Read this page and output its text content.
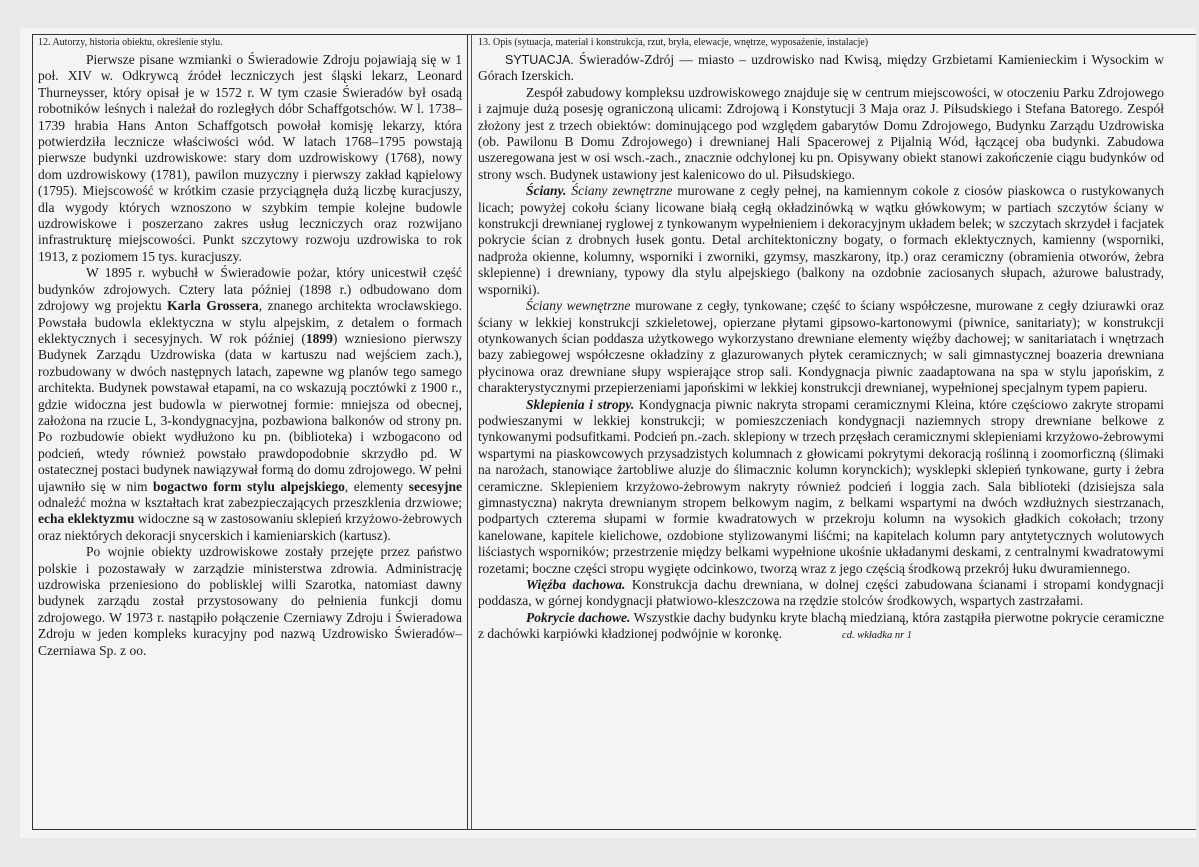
12. Autorzy, historia obiektu, określenie stylu.

Pierwsze pisane wzmianki o Świeradowie Zdroju pojawiają się w 1 poł. XIV w. Odkrywcą źródeł leczniczych jest śląski lekarz, Leonard Thurneysser, który opisał je w 1572 r. W tym czasie Świeradów był osadą robotników leśnych i należał do rozległych dóbr Schaffgotschów. W l. 1738–1739 hrabia Hans Anton Schaffgotsch powołał komisję lekarzy, która potwierdziła lecznicze właściwości wód. W latach 1768–1795 powstają pierwsze budynki uzdrowiskowe: stary dom uzdrowiskowy (1768), nowy dom uzdrowiskowy (1781), pawilon muzyczny i pierwszy zakład kąpielowy (1795). Miejscowość w krótkim czasie przyciągnęła dużą liczbę kuracjuszy, dla wygody których wznoszono w szybkim tempie kolejne budowle uzdrowiskowe i poszerzano zakres usług leczniczych oraz rozwijano infrastrukturę miejscowości. Punkt szczytowy rozwoju uzdrowiska to rok 1913, z poziomem 15 tys. kuracjuszy.

W 1895 r. wybuchł w Świeradowie pożar, który unicestwił część budynków zdrojowych. Cztery lata później (1898 r.) odbudowano dom zdrojowy wg projektu Karla Grossera, znanego architekta wrocławskiego. Powstała budowla eklektyczna w stylu alpejskim, z detalem o formach eklektycznych i secesyjnych. W rok później (1899) wzniesiono pierwszy Budynek Zarządu Uzdrowiska (data w kartuszu nad wejściem zach.), rozbudowany w dwóch następnych latach, zapewne wg planów tego samego architekta. Budynek powstawał etapami, na co wskazują pocztówki z 1900 r., gdzie widoczna jest budowla w pierwotnej formie: mniejsza od obecnej, założona na rzucie L, 3-kondygnacyjna, pozbawiona balkonów od strony pn. Po rozbudowie obiekt wydłużono ku pn. (biblioteka) i wzbogacono od podcień, wtedy również powstało prawdopodobnie skrzydło pd. W ostatecznej postaci budynek nawiązywał formą do domu zdrojowego. W pełni ujawniło się w nim bogactwo form stylu alpejskiego, elementy secesyjne odnaleźć można w kształtach krat zabezpieczających przeszklenia drzwiowe; echa eklektyzmu widoczne są w zastosowaniu sklepień krzyżowo-żebrowych oraz niektórych dekoracji snycerskich i kamieniarskich (kartusz).

Po wojnie obiekty uzdrowiskowe zostały przejęte przez państwo polskie i pozostawały w zarządzie ministerstwa zdrowia. Administrację uzdrowiska przeniesiono do poblisklej willi Szarotka, natomiast dawny budynek zarządu został przystosowany do pełnienia funkcji domu zdrojowego. W 1973 r. nastąpiło połączenie Czerniawy Zdroju i Świeradowa Zdroju w jeden kompleks kuracyjny pod nazwą Uzdrowisko Świeradów–Czerniawa Sp. z oo.

13. Opis (sytuacja, materiał i konstrukcja, rzut, bryła, elewacje, wnętrze, wyposażenie, instalacje)

SYTUACJA. Świeradów-Zdrój — miasto – uzdrowisko nad Kwisą, między Grzbietami Kamienieckim i Wysockim w Górach Izerskich.

Zespół zabudowy kompleksu uzdrowiskowego znajduje się w centrum miejscowości, w otoczeniu Parku Zdrojowego i zajmuje dużą posesję ograniczoną ulicami: Zdrojową i Konstytucji 3 Maja oraz J. Piłsudskiego i Stefana Batorego. Zespół złożony jest z trzech obiektów: dominującego pod względem gabarytów Domu Zdrojowego, Budynku Zarządu Uzdrowiska (ob. Pawilonu B Domu Zdrojowego) i drewnianej Hali Spacerowej z Pijalnią Wód, łączącej oba budynki. Zabudowa uszeregowana jest w osi wsch.-zach., znacznie odchylonej ku pn. Opisywany obiekt stanowi zakończenie ciągu budynków od strony wsch. Budynek ustawiony jest kalenicowo do ul. Piłsudskiego.

Ściany. Ściany zewnętrzne murowane z cegły pełnej, na kamiennym cokole z ciosów piaskowca o rustykowanych licach; powyżej cokołu ściany licowane białą cegłą okładzinówką w wątku główkowym; w partiach szczytów ściany w konstrukcji drewnianej ryglowej z tynkowanym wypełnieniem i dekoracyjnym układem belek; w szczytach skrzydeł i facjatek pokrycie ścian z drobnych łusek gontu. Detal architektoniczny bogaty, o formach eklektycznych, kamienny (wsporniki, nadproża okienne, kolumny, wsporniki i zworniki, gzymsy, maszkarony, itp.) oraz ceramiczny (obramienia otworów, żebra sklepienne) i drewniany, typowy dla stylu alpejskiego (balkony na ozdobnie zaciosanych słupach, ażurowe balustrady, wsporniki).

Ściany wewnętrzne murowane z cegły, tynkowane; część to ściany współczesne, murowane z cegły dziurawki oraz ściany w lekkiej konstrukcji szkieletowej, opierzane płytami gipsowo-kartonowymi (piwnice, sanitariaty); w konstrukcji otynkowanych ścian poddasza użytkowego wykorzystano drewniane elementy więźby dachowej; w sanitariatach i wnętrzach bazy zabiegowej współczesne okładziny z glazurowanych płytek ceramicznych; w sali gimnastycznej boazeria drewniana płycinowa oraz drewniane słupy wspierające strop sali. Kondygnacja piwnic zaadaptowana na spa w stylu japońskim, z charakterystycznymi przepierzeniami japońskimi w lekkiej konstrukcji drewnianej, wypełnionej specjalnym typem papieru.

Sklepienia i stropy. Kondygnacja piwnic nakryta stropami ceramicznymi Kleina, które częściowo zakryte stropami podwieszanymi w lekkiej konstrukcji; w pomieszczeniach kondygnacji naziemnych stropy drewniane belkowe z tynkowanymi podsufitkami. Podcień pn.-zach. sklepiony w trzech przęsłach ceramicznymi sklepieniami krzyżowo-żebrowymi wspartymi na piaskowcowych przysadzistych kolumnach z głowicami pokrytymi dekoracją roślinną i zoomorficzną (ślimaki na narożach, stanowiące żartobliwe aluzje do ślimacznic kolumn korynckich); wysklepki sklepień tynkowane, gurty i żebra ceramiczne. Sklepieniem krzyżowo-żebrowym nakryty również podcień i loggia zach. Sala biblioteki (dzisiejsza sala gimnastyczna) nakryta drewnianym stropem belkowym nagim, z belkami wspartymi na dwóch wzdłużnych siestrzanach, podpartych czterema słupami w formie kwadratowych w przekroju kolumn na wysokich gładkich cokołach; trzony kanelowane, kapitele kielichowe, ozdobione stylizowanymi liśćmi; na kapitelach kolumn pary antytetycznych wolutowych liściastych wsporników; przestrzenie między belkami wypełnione ukośnie układanymi deskami, z centralnymi kwadratowymi rozetami; boczne części stropu wygięte odcinkowo, tworzą wraz z jego częścią środkową przekrój łuku dwuramiennego.

Więźba dachowa. Konstrukcja dachu drewniana, w dolnej części zabudowana ścianami i stropami kondygnacji poddasza, w górnej kondygnacji płatwiowo-kleszczowa na rzędzie stolców środkowych, wspartych zastrzałami.

Pokrycie dachowe. Wszystkie dachy budynku kryte blachą miedzianą, która zastąpiła pierwotne pokrycie ceramiczne z dachówki karpiówki kładzionej podwójnie w koronkę.	cd. wkładka nr 1
